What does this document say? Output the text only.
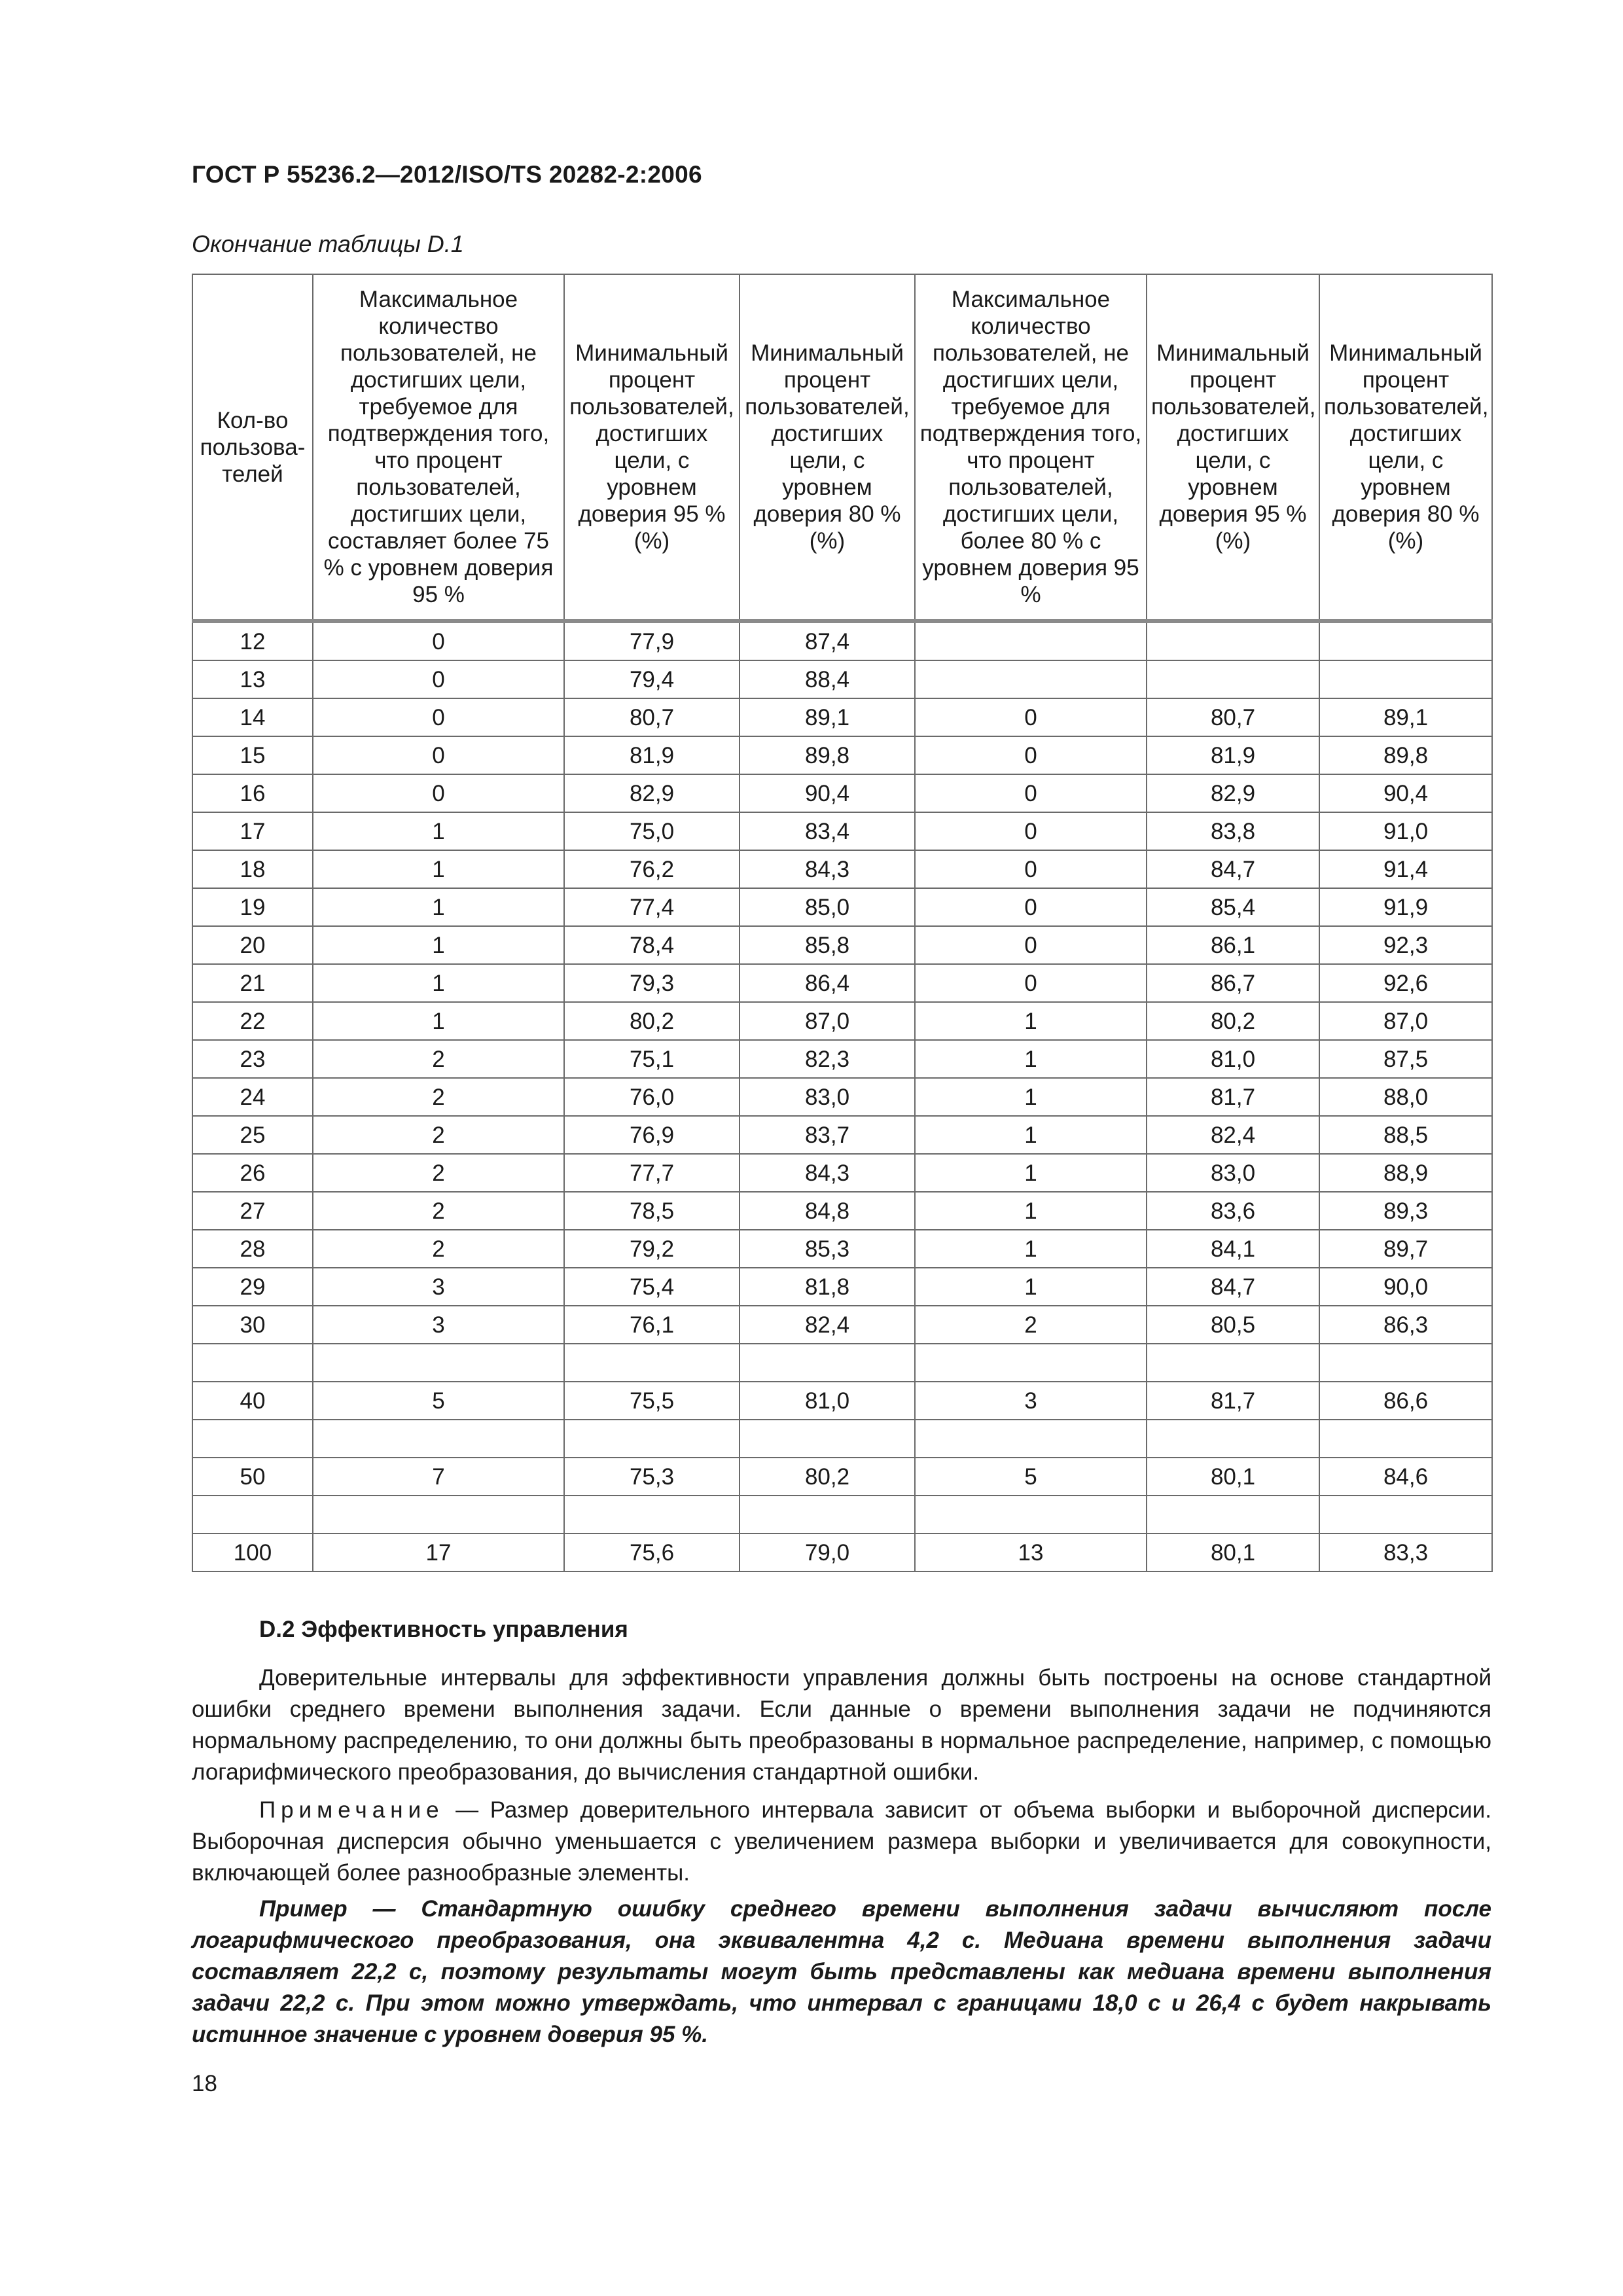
ГОСТ Р 55236.2—2012/ISO/TS 20282-2:2006
Окончание таблицы D.1
Кол-во пользова-телей	Максимальное количество пользователей, не достигших цели, требуемое для подтверждения того, что процент пользователей, достигших цели, составляет более 75 % с уровнем доверия 95 %	Минимальный процент пользователей, достигших цели, с уровнем доверия 95 % (%)	Минимальный процент пользователей, достигших цели, с уровнем доверия 80 % (%)	Максимальное количество пользователей, не достигших цели, требуемое для подтверждения того, что процент пользователей, достигших цели, более 80 % с уровнем доверия 95 %	Минимальный процент пользователей, достигших цели, с уровнем доверия 95 % (%)	Минимальный процент пользователей, достигших цели, с уровнем доверия 80 % (%)
12	0	77,9	87,4			
13	0	79,4	88,4			
14	0	80,7	89,1	0	80,7	89,1
15	0	81,9	89,8	0	81,9	89,8
16	0	82,9	90,4	0	82,9	90,4
17	1	75,0	83,4	0	83,8	91,0
18	1	76,2	84,3	0	84,7	91,4
19	1	77,4	85,0	0	85,4	91,9
20	1	78,4	85,8	0	86,1	92,3
21	1	79,3	86,4	0	86,7	92,6
22	1	80,2	87,0	1	80,2	87,0
23	2	75,1	82,3	1	81,0	87,5
24	2	76,0	83,0	1	81,7	88,0
25	2	76,9	83,7	1	82,4	88,5
26	2	77,7	84,3	1	83,0	88,9
27	2	78,5	84,8	1	83,6	89,3
28	2	79,2	85,3	1	84,1	89,7
29	3	75,4	81,8	1	84,7	90,0
30	3	76,1	82,4	2	80,5	86,3

40	5	75,5	81,0	3	81,7	86,6

50	7	75,3	80,2	5	80,1	84,6

100	17	75,6	79,0	13	80,1	83,3
D.2 Эффективность управления

Доверительные интервалы для эффективности управления должны быть построены на основе стандартной ошибки среднего времени выполнения задачи. Если данные о времени выполнения задачи не подчиняются нормальному распределению, то они должны быть преобразованы в нормальное распределение, например, с помощью логарифмического преобразования, до вычисления стандартной ошибки.

Примечание — Размер доверительного интервала зависит от объема выборки и выборочной дисперсии. Выборочная дисперсия обычно уменьшается с увеличением размера выборки и увеличивается для совокупности, включающей более разнообразные элементы.

Пример — Стандартную ошибку среднего времени выполнения задачи вычисляют после логарифмического преобразования, она эквивалентна 4,2 с. Медиана времени выполнения задачи составляет 22,2 с, поэтому результаты могут быть представлены как медиана времени выполнения задачи 22,2 с. При этом можно утверждать, что интервал с границами 18,0 с и 26,4 с будет накрывать истинное значение с уровнем доверия 95 %.

18
